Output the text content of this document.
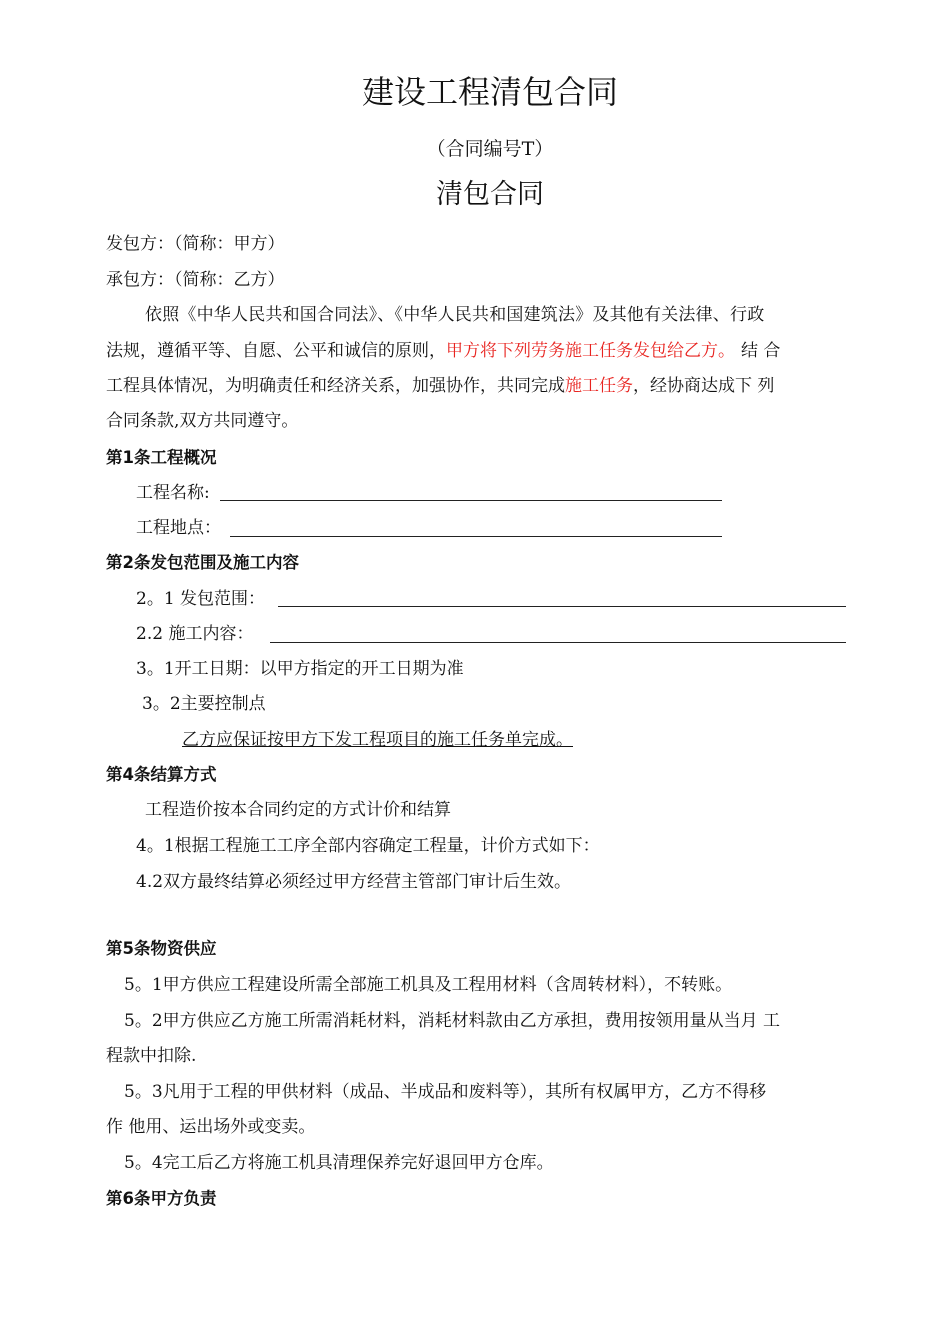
建设工程清包合同
（合同编号T）
清包合同
发包方：（简称：甲方）
承包方：（简称：乙方）
依照《中华人民共和国合同法》、《中华人民共和国建筑法》及其他有关法律、行政
法规，遵循平等、自愿、公平和诚信的原则，甲方将下列劳务施工任务发包给乙方。 结 合
工程具体情况，为明确责任和经济关系，加强协作，共同完成施工任务，经协商达成下 列
合同条款,双方共同遵守。
第1条工程概况
工程名称:
工程地点：
第2条发包范围及施工内容
2。1 发包范围：
2.2 施工内容：
3。1开工日期：以甲方指定的开工日期为准
3。2主要控制点
乙方应保证按甲方下发工程项目的施工任务单完成。
第4条结算方式
工程造价按本合同约定的方式计价和结算
4。1根据工程施工工序全部内容确定工程量，计价方式如下：
4.2双方最终结算必须经过甲方经营主管部门审计后生效。
第5条物资供应
5。1甲方供应工程建设所需全部施工机具及工程用材料（含周转材料），不转账。
5。2甲方供应乙方施工所需消耗材料，消耗材料款由乙方承担，费用按领用量从当月 工
程款中扣除.
5。3凡用于工程的甲供材料（成品、半成品和废料等），其所有权属甲方，乙方不得移
作 他用、运出场外或变卖。
5。4完工后乙方将施工机具清理保养完好退回甲方仓库。
第6条甲方负责
